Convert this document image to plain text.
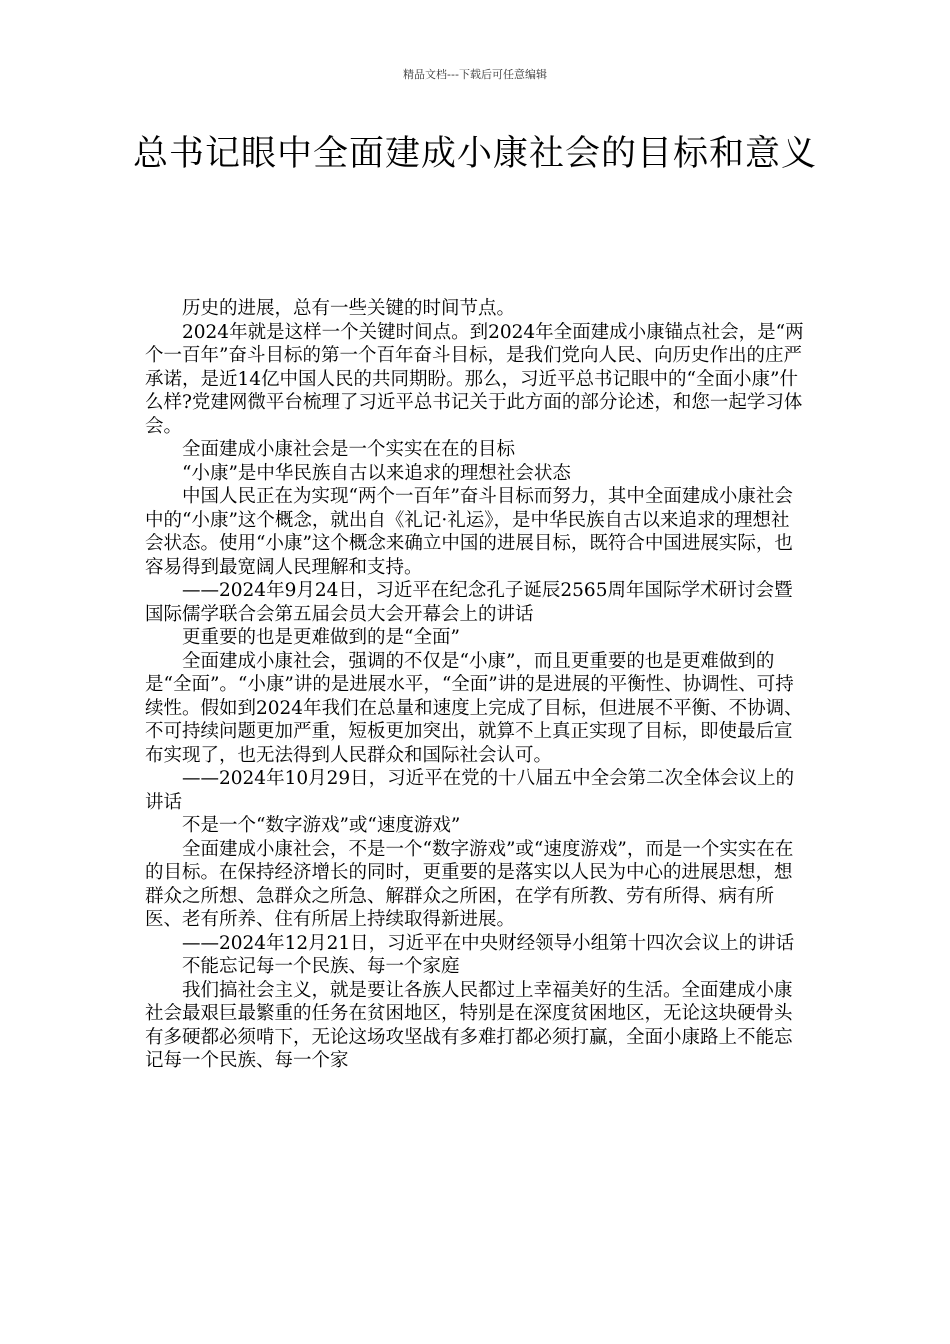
精品文档---下载后可任意编辑
总书记眼中全面建成小康社会的目标和意义

历史的进展，总有一些关键的时间节点。

2024年就是这样一个关键时间点。到2024年全面建成小康锚点社会，是“两个一百年”奋斗目标的第一个百年奋斗目标，是我们党向人民、向历史作出的庄严承诺，是近14亿中国人民的共同期盼。那么，习近平总书记眼中的“全面小康”什么样?党建网微平台梳理了习近平总书记关于此方面的部分论述，和您一起学习体会。

全面建成小康社会是一个实实在在的目标

“小康”是中华民族自古以来追求的理想社会状态

中国人民正在为实现“两个一百年”奋斗目标而努力，其中全面建成小康社会中的“小康”这个概念，就出自《礼记·礼运》，是中华民族自古以来追求的理想社会状态。使用“小康”这个概念来确立中国的进展目标，既符合中国进展实际，也容易得到最宽阔人民理解和支持。

——2024年9月24日，习近平在纪念孔子诞辰2565周年国际学术研讨会暨国际儒学联合会第五届会员大会开幕会上的讲话

更重要的也是更难做到的是“全面”

全面建成小康社会，强调的不仅是“小康”，而且更重要的也是更难做到的是“全面”。“小康”讲的是进展水平，“全面”讲的是进展的平衡性、协调性、可持续性。假如到2024年我们在总量和速度上完成了目标，但进展不平衡、不协调、不可持续问题更加严重，短板更加突出，就算不上真正实现了目标，即使最后宣布实现了，也无法得到人民群众和国际社会认可。

——2024年10月29日，习近平在党的十八届五中全会第二次全体会议上的讲话

不是一个“数字游戏”或“速度游戏”

全面建成小康社会，不是一个“数字游戏”或“速度游戏”，而是一个实实在在的目标。在保持经济增长的同时，更重要的是落实以人民为中心的进展思想，想群众之所想、急群众之所急、解群众之所困，在学有所教、劳有所得、病有所医、老有所养、住有所居上持续取得新进展。

——2024年12月21日，习近平在中央财经领导小组第十四次会议上的讲话

不能忘记每一个民族、每一个家庭

我们搞社会主义，就是要让各族人民都过上幸福美好的生活。全面建成小康社会最艰巨最繁重的任务在贫困地区，特别是在深度贫困地区，无论这块硬骨头有多硬都必须啃下，无论这场攻坚战有多难打都必须打赢，全面小康路上不能忘记每一个民族、每一个家
